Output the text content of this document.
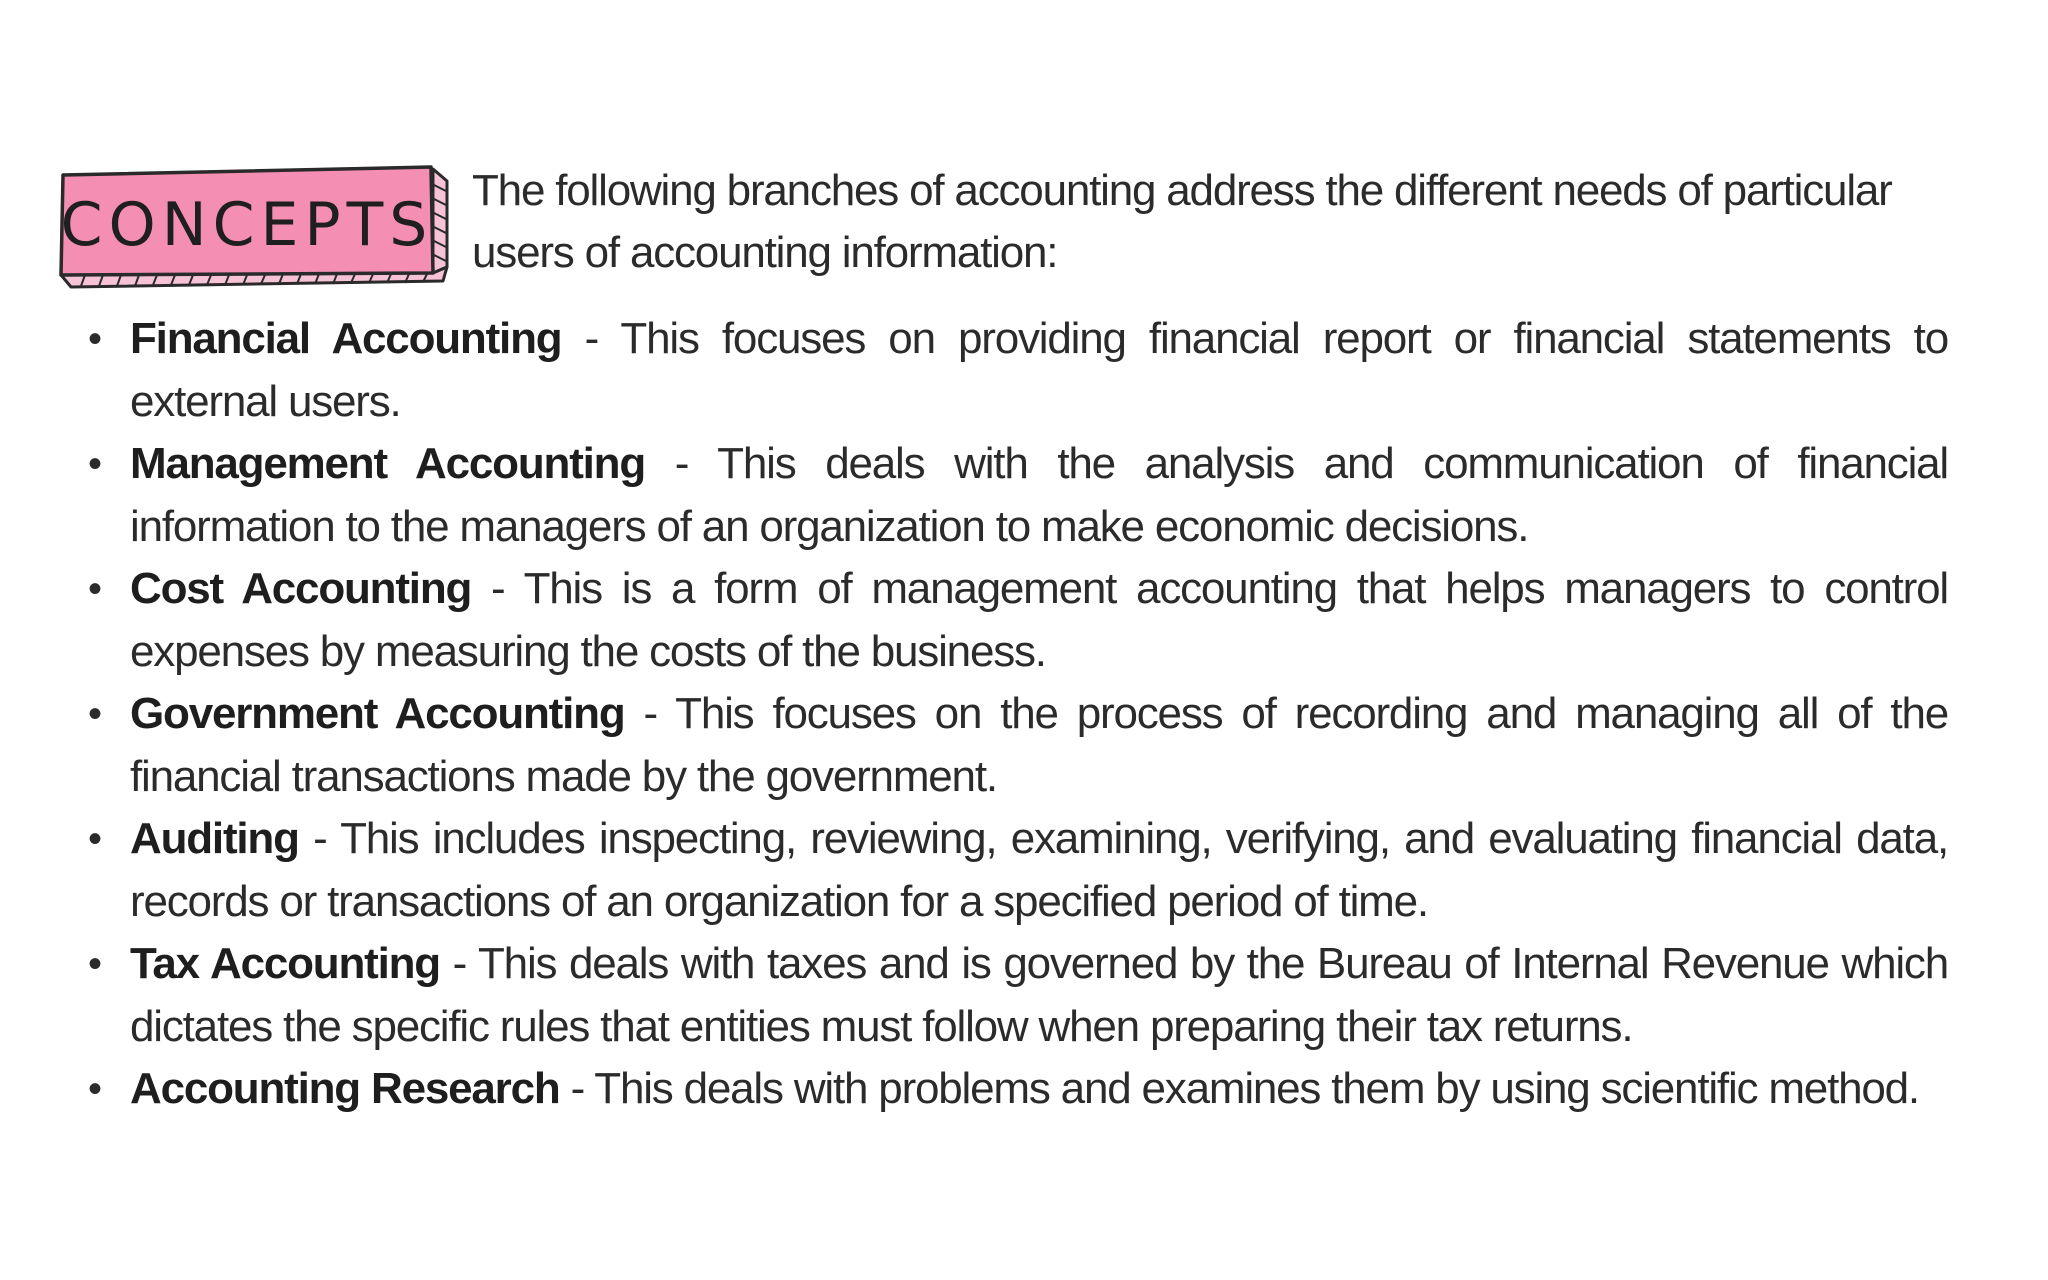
CONCEPTS The following branches of accounting address the different needs of particular users of accounting information:

• Financial Accounting - This focuses on providing financial report or financial statements to external users.
• Management Accounting - This deals with the analysis and communication of financial information to the managers of an organization to make economic decisions.
• Cost Accounting - This is a form of management accounting that helps managers to control expenses by measuring the costs of the business.
• Government Accounting - This focuses on the process of recording and managing all of the financial transactions made by the government.
• Auditing - This includes inspecting, reviewing, examining, verifying, and evaluating financial data, records or transactions of an organization for a specified period of time.
• Tax Accounting - This deals with taxes and is governed by the Bureau of Internal Revenue which dictates the specific rules that entities must follow when preparing their tax returns.
• Accounting Research - This deals with problems and examines them by using scientific method.
